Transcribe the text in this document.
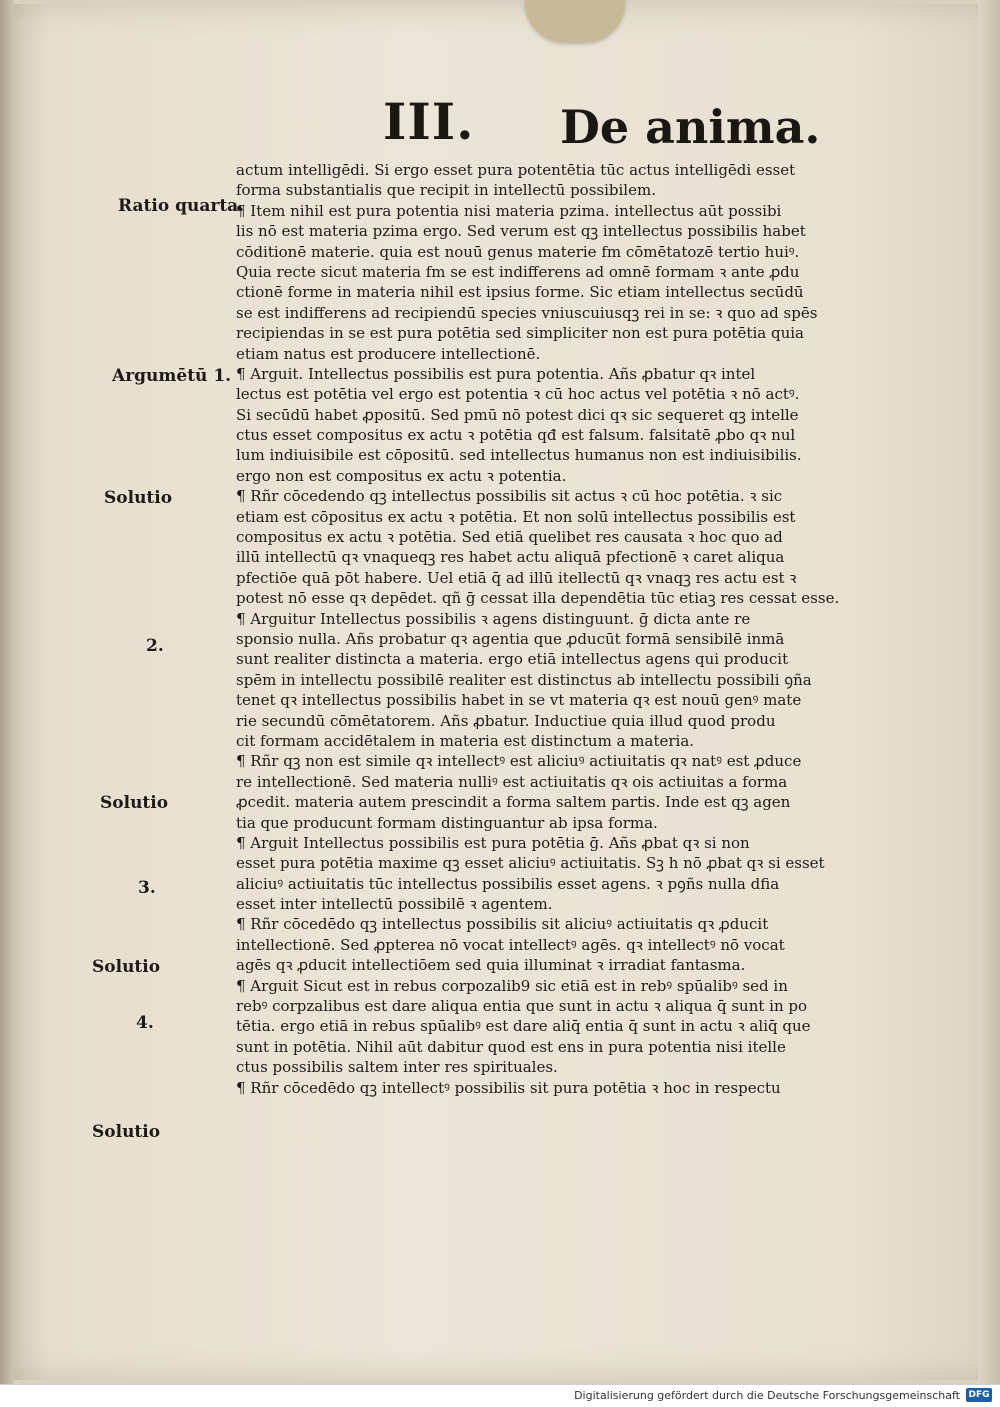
III. De anima.
Ratio quarta.
Argumētū 1.
Solutio
2.
Solutio
3.
Solutio
4.
Solutio
actum intelligēdi. Si ergo esset pura potentētia tūc actus intelligēdi esset
forma substantialis que recipit in intellectū possibilem.
¶ Item nihil est pura potentia nisi materia pzima. intellectus aūt possibi
lis nō est materia pzima ergo. Sed verum est qꝫ intellectus possibilis habet
cōditionē materie. quia est nouū genus materie fm cōmētatozē tertio huiꝰ.
Quia recte sicut materia fm se est indifferens ad omnē formam ꝛ ante ꝓdu
ctionē forme in materia nihil est ipsius forme. Sic etiam intellectus secūdū
se est indifferens ad recipiendū species vniuscuiusqꝫ rei in se: ꝛ quo ad spēs
recipiendas in se est pura potētia sed simpliciter non est pura potētia quia
etiam natus est producere intellectionē.
¶ Arguit. Intellectus possibilis est pura potentia. Añs ꝓbatur qꝛ intel
lectus est potētia vel ergo est potentia ꝛ cū hoc actus vel potētia ꝛ nō actꝰ.
Si secūdū habet ꝓpositū. Sed pmū nō potest dici qꝛ sic sequeret qꝫ intelle
ctus esset compositus ex actu ꝛ potētia qđ est falsum. falsitatē ꝓbo qꝛ nul
lum indiuisibile est cōpositū. sed intellectus humanus non est indiuisibilis.
ergo non est compositus ex actu ꝛ potentia.
¶ Rñr cōcedendo qꝫ intellectus possibilis sit actus ꝛ cū hoc potētia. ꝛ sic
etiam est cōpositus ex actu ꝛ potētia. Et non solū intellectus possibilis est
compositus ex actu ꝛ potētia. Sed etiā quelibet res causata ꝛ hoc quo ad
illū intellectū qꝛ vnaqueqꝫ res habet actu aliquā pfectionē ꝛ caret aliqua
pfectiōe quā pōt habere. Uel etiā q̄ ad illū itellectū qꝛ vnaqꝫ res actu est ꝛ
potest nō esse qꝛ depēdet. qñ ḡ cessat illa dependētia tūc etiaꝫ res cessat esse.
¶ Arguitur Intellectus possibilis ꝛ agens distinguunt. ḡ dicta ante re
sponsio nulla. Añs probatur qꝛ agentia que ꝓducūt formā sensibilē inmā
sunt realiter distincta a materia. ergo etiā intellectus agens qui producit
spēm in intellectu possibilē realiter est distinctus ab intellectu possibili ꝯña
tenet qꝛ intellectus possibilis habet in se vt materia qꝛ est nouū genꝰ mate
rie secundū cōmētatorem. Añs ꝓbatur. Inductiue quia illud quod produ
cit formam accidētalem in materia est distinctum a materia.
¶ Rñr qꝫ non est simile qꝛ intellectꝰ est aliciuꝰ actiuitatis qꝛ natꝰ est ꝓduce
re intellectionē. Sed materia nulliꝰ est actiuitatis qꝛ ois actiuitas a forma
ꝓcedit. materia autem prescindit a forma saltem partis. Inde est qꝫ agen
tia que producunt formam distinguantur ab ipsa forma.
¶ Arguit Intellectus possibilis est pura potētia ḡ. Añs ꝓbat qꝛ si non
esset pura potētia maxime qꝫ esset aliciuꝰ actiuitatis. Sꝫ h nō ꝓbat qꝛ si esset
aliciuꝰ actiuitatis tūc intellectus possibilis esset agens. ꝛ pꝯñs nulla dfia
esset inter intellectū possibilē ꝛ agentem.
¶ Rñr cōcedēdo qꝫ intellectus possibilis sit aliciuꝰ actiuitatis qꝛ ꝓducit
intellectionē. Sed ꝓpterea nō vocat intellectꝰ agēs. qꝛ intellectꝰ nō vocat
agēs qꝛ ꝓducit intellectiōem sed quia illuminat ꝛ irradiat fantasma.
¶ Arguit Sicut est in rebus corpozalib9 sic etiā est in rebꝰ spūalibꝰ sed in
rebꝰ corpzalibus est dare aliqua entia que sunt in actu ꝛ aliqua q̄ sunt in po
tētia. ergo etiā in rebus spūalibꝰ est dare aliq̄ entia q̄ sunt in actu ꝛ aliq̄ que
sunt in potētia. Nihil aūt dabitur quod est ens in pura potentia nisi itelle
ctus possibilis saltem inter res spirituales.
¶ Rñr cōcedēdo qꝫ intellectꝰ possibilis sit pura potētia ꝛ hoc in respectu
Digitalisierung gefördert durch die Deutsche Forschungsgemeinschaft DFG
